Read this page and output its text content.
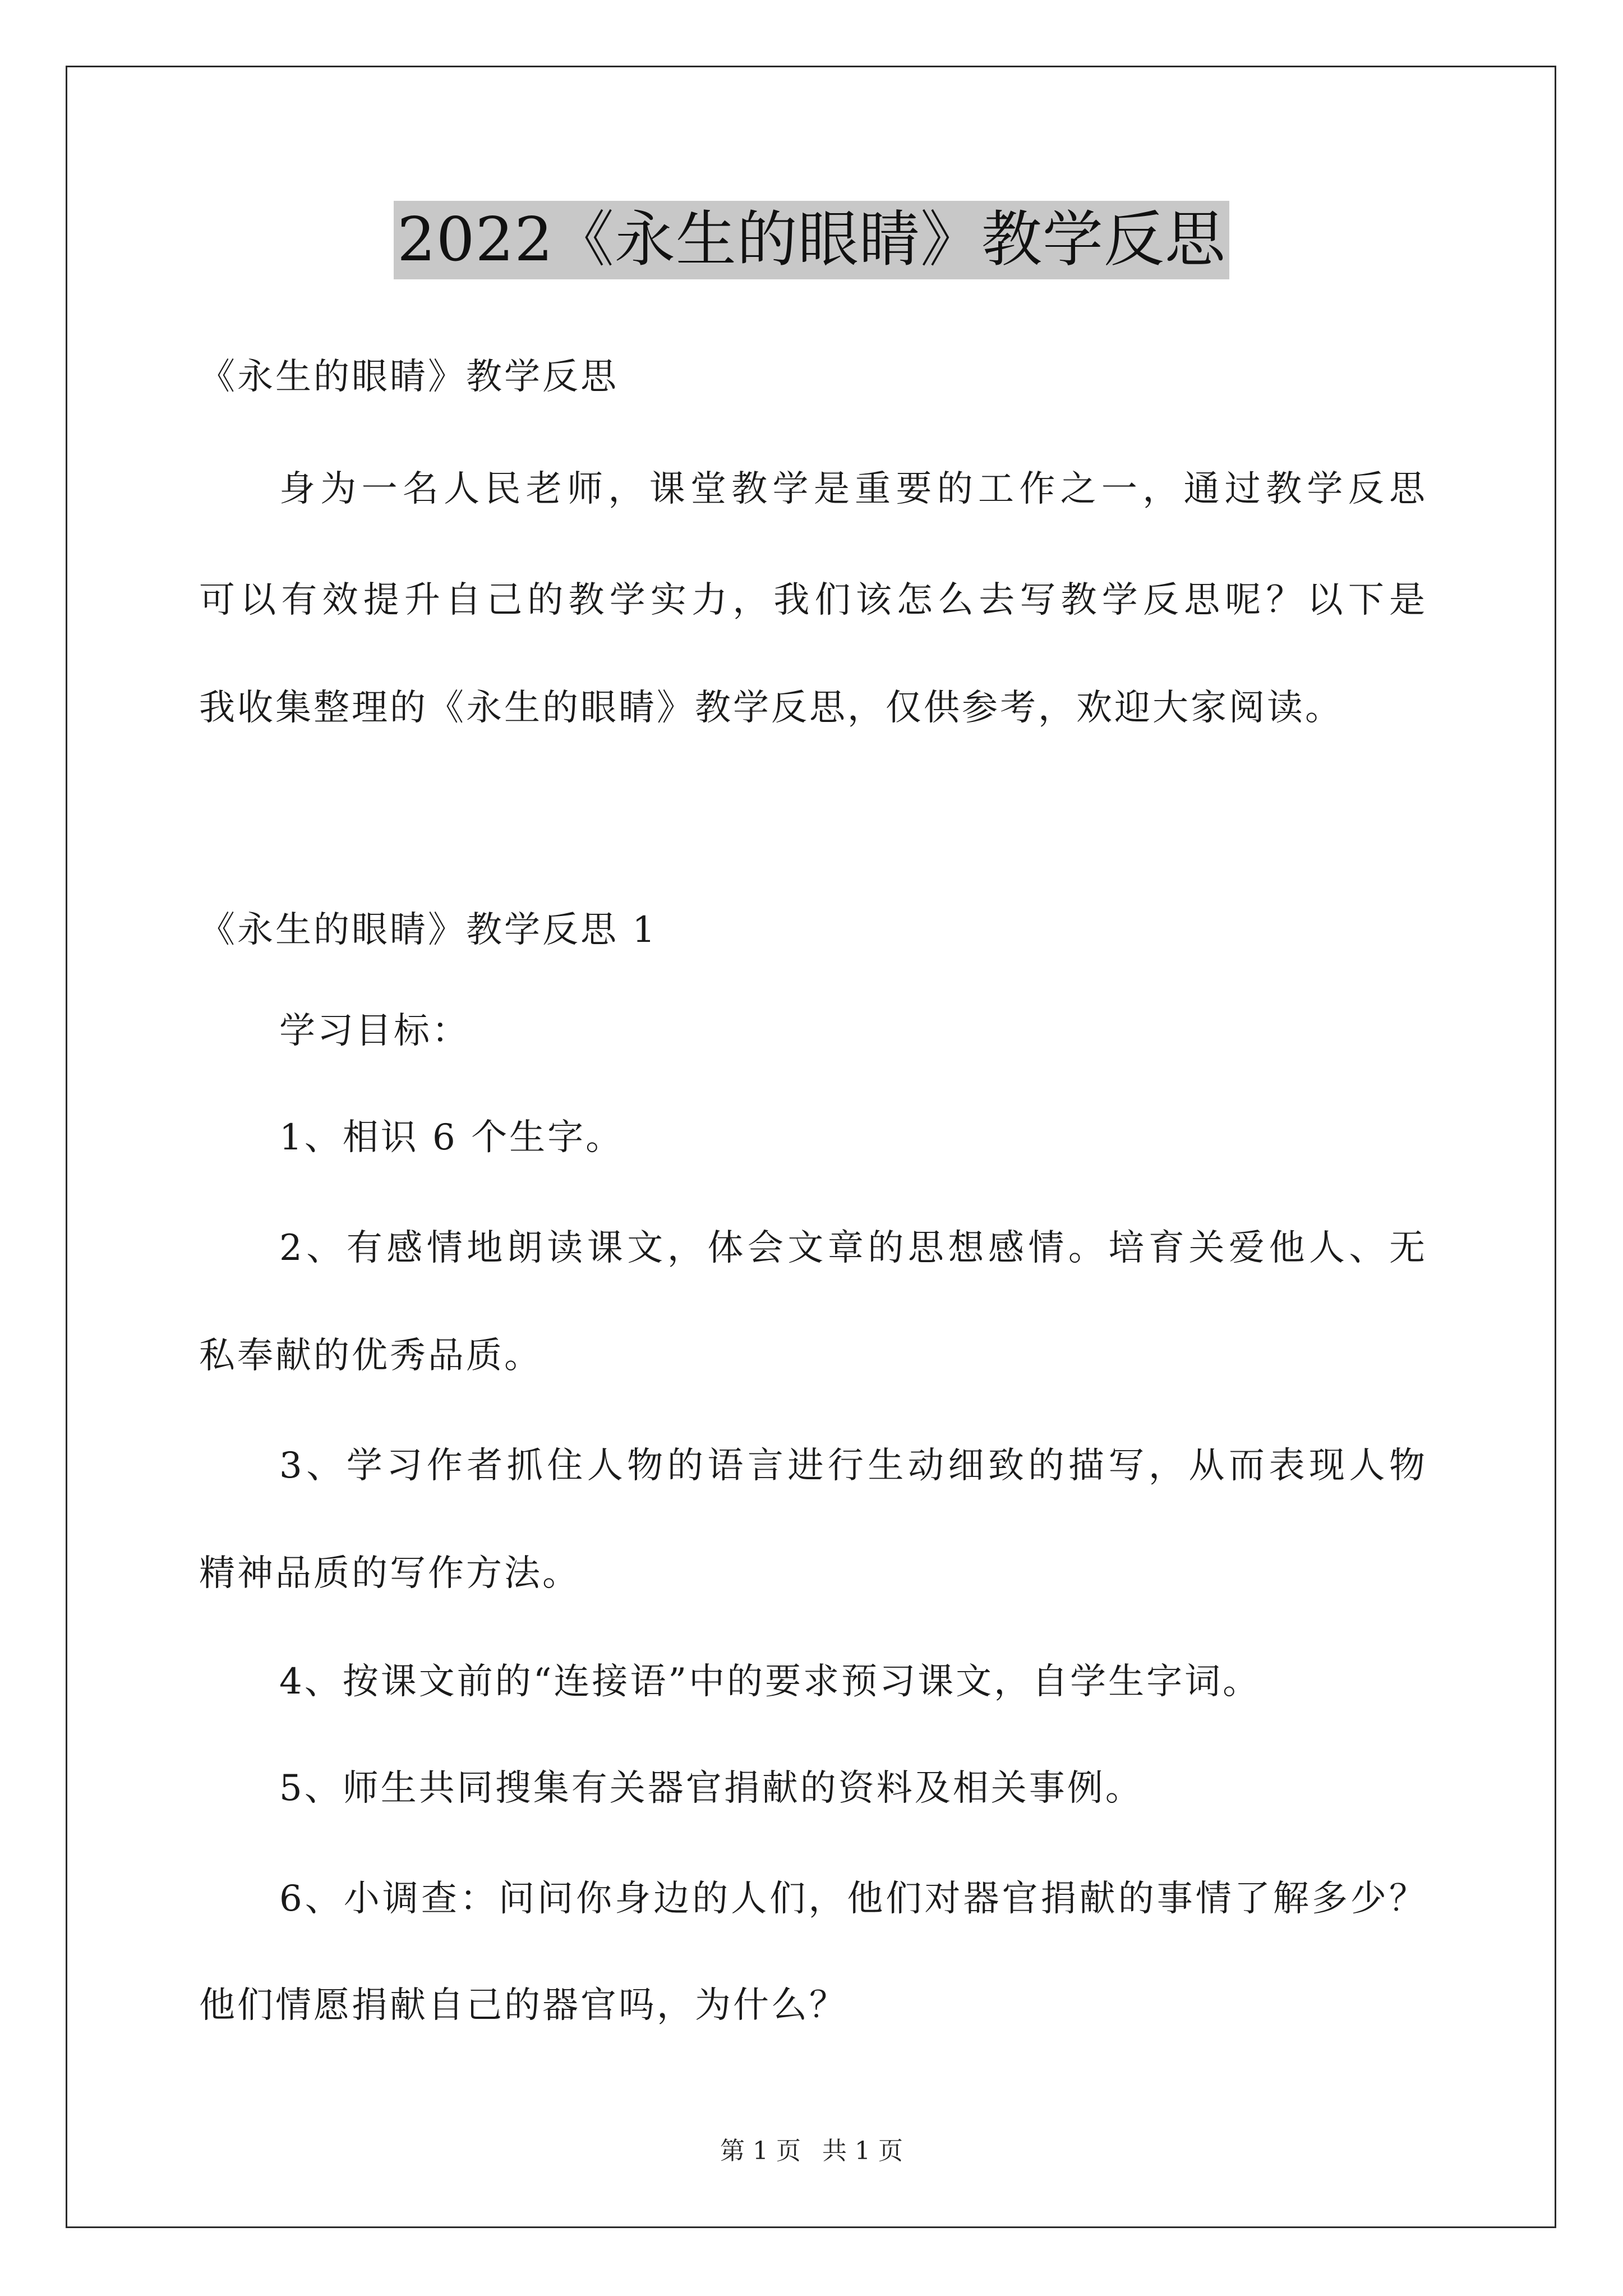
2022《永生的眼睛》教学反思
《永生的眼睛》教学反思
身为一名人民老师，课堂教学是重要的工作之一，通过教学反思
可以有效提升自己的教学实力，我们该怎么去写教学反思呢？以下是
我收集整理的《永生的眼睛》教学反思，仅供参考，欢迎大家阅读。
《永生的眼睛》教学反思 1
学习目标：
1、相识 6 个生字。
2、有感情地朗读课文，体会文章的思想感情。培育关爱他人、无
私奉献的优秀品质。
3、学习作者抓住人物的语言进行生动细致的描写，从而表现人物
精神品质的写作方法。
4、按课文前的“连接语”中的要求预习课文，自学生字词。
5、师生共同搜集有关器官捐献的资料及相关事例。
6、小调查：问问你身边的人们，他们对器官捐献的事情了解多少？
他们情愿捐献自己的器官吗，为什么？
第 1 页 共 1 页
